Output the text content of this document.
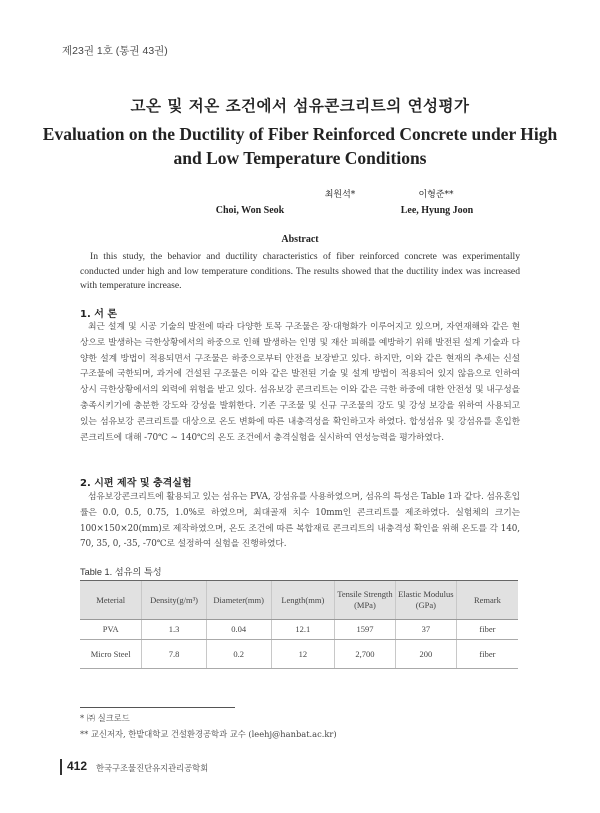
제23권 1호 (통권 43권)
고온 및 저온 조건에서 섬유콘크리트의 연성평가
Evaluation on the Ductility of Fiber Reinforced Concrete under High
and Low Temperature Conditions
최원석*
Choi, Won Seok
이형준**
Lee, Hyung Joon
Abstract
In this study, the behavior and ductility characteristics of fiber reinforced concrete was experimentally conducted under high and low temperature conditions. The results showed that the ductility index was increased with temperature increase.
1. 서 론
최근 설계 및 시공 기술의 발전에 따라 다양한 토목 구조물은 장·대형화가 이루어지고 있으며, 자연재해와 같은 현상으로 발생하는 극한상황에서의 하중으로 인해 발생하는 인명 및 재산 피해를 예방하기 위해 발전된 설계 기술과 다양한 설계 방법이 적용되면서 구조물은 하중으로부터 안전을 보장받고 있다. 하지만, 이와 같은 현재의 추세는 신설 구조물에 국한되며, 과거에 건설된 구조물은 이와 같은 발전된 기술 및 설계 방법이 적용되어 있지 않음으로 인하여 상시 극한상황에서의 외력에 위험을 받고 있다. 섬유보강 콘크리트는 이와 같은 극한 하중에 대한 안전성 및 내구성을 충족시키기에 충분한 강도와 강성을 발휘한다. 기존 구조물 및 신규 구조물의 강도 및 강성 보강을 위하여 사용되고 있는 섬유보강 콘크리트를 대상으로 온도 변화에 따른 내충격성을 확인하고자 하였다. 합성섬유 및 강섬유를 혼입한 콘크리트에 대해 -70℃ ~ 140℃의 온도 조건에서 충격실험을 실시하여 연성능력을 평가하였다.
2. 시편 제작 및 충격실험
섬유보강콘크리트에 활용되고 있는 섬유는 PVA, 강섬유를 사용하였으며, 섬유의 특성은 Table 1과 같다. 섬유혼입률은 0.0, 0.5, 0.75, 1.0%로 하였으며, 최대골재 치수 10mm인 콘크리트를 제조하였다. 실험체의 크기는 100×150×20(mm)로 제작하였으며, 온도 조건에 따른 복합재료 콘크리트의 내충격성 확인을 위해 온도를 각 140, 70, 35, 0, -35, -70℃로 설정하여 실험을 진행하였다.
Table 1. 섬유의 특성
Meterial	Density(g/m³)	Diameter(mm)	Length(mm)	Tensile Strength (MPa)	Elastic Modulus (GPa)	Remark
PVA	1.3	0.04	12.1	1597	37	fiber
Micro Steel	7.8	0.2	12	2,700	200	fiber
* ㈜ 실크로드
** 교신저자, 한밭대학교 건설환경공학과 교수 (leehj@hanbat.ac.kr)
412 한국구조물진단유지관리공학회
